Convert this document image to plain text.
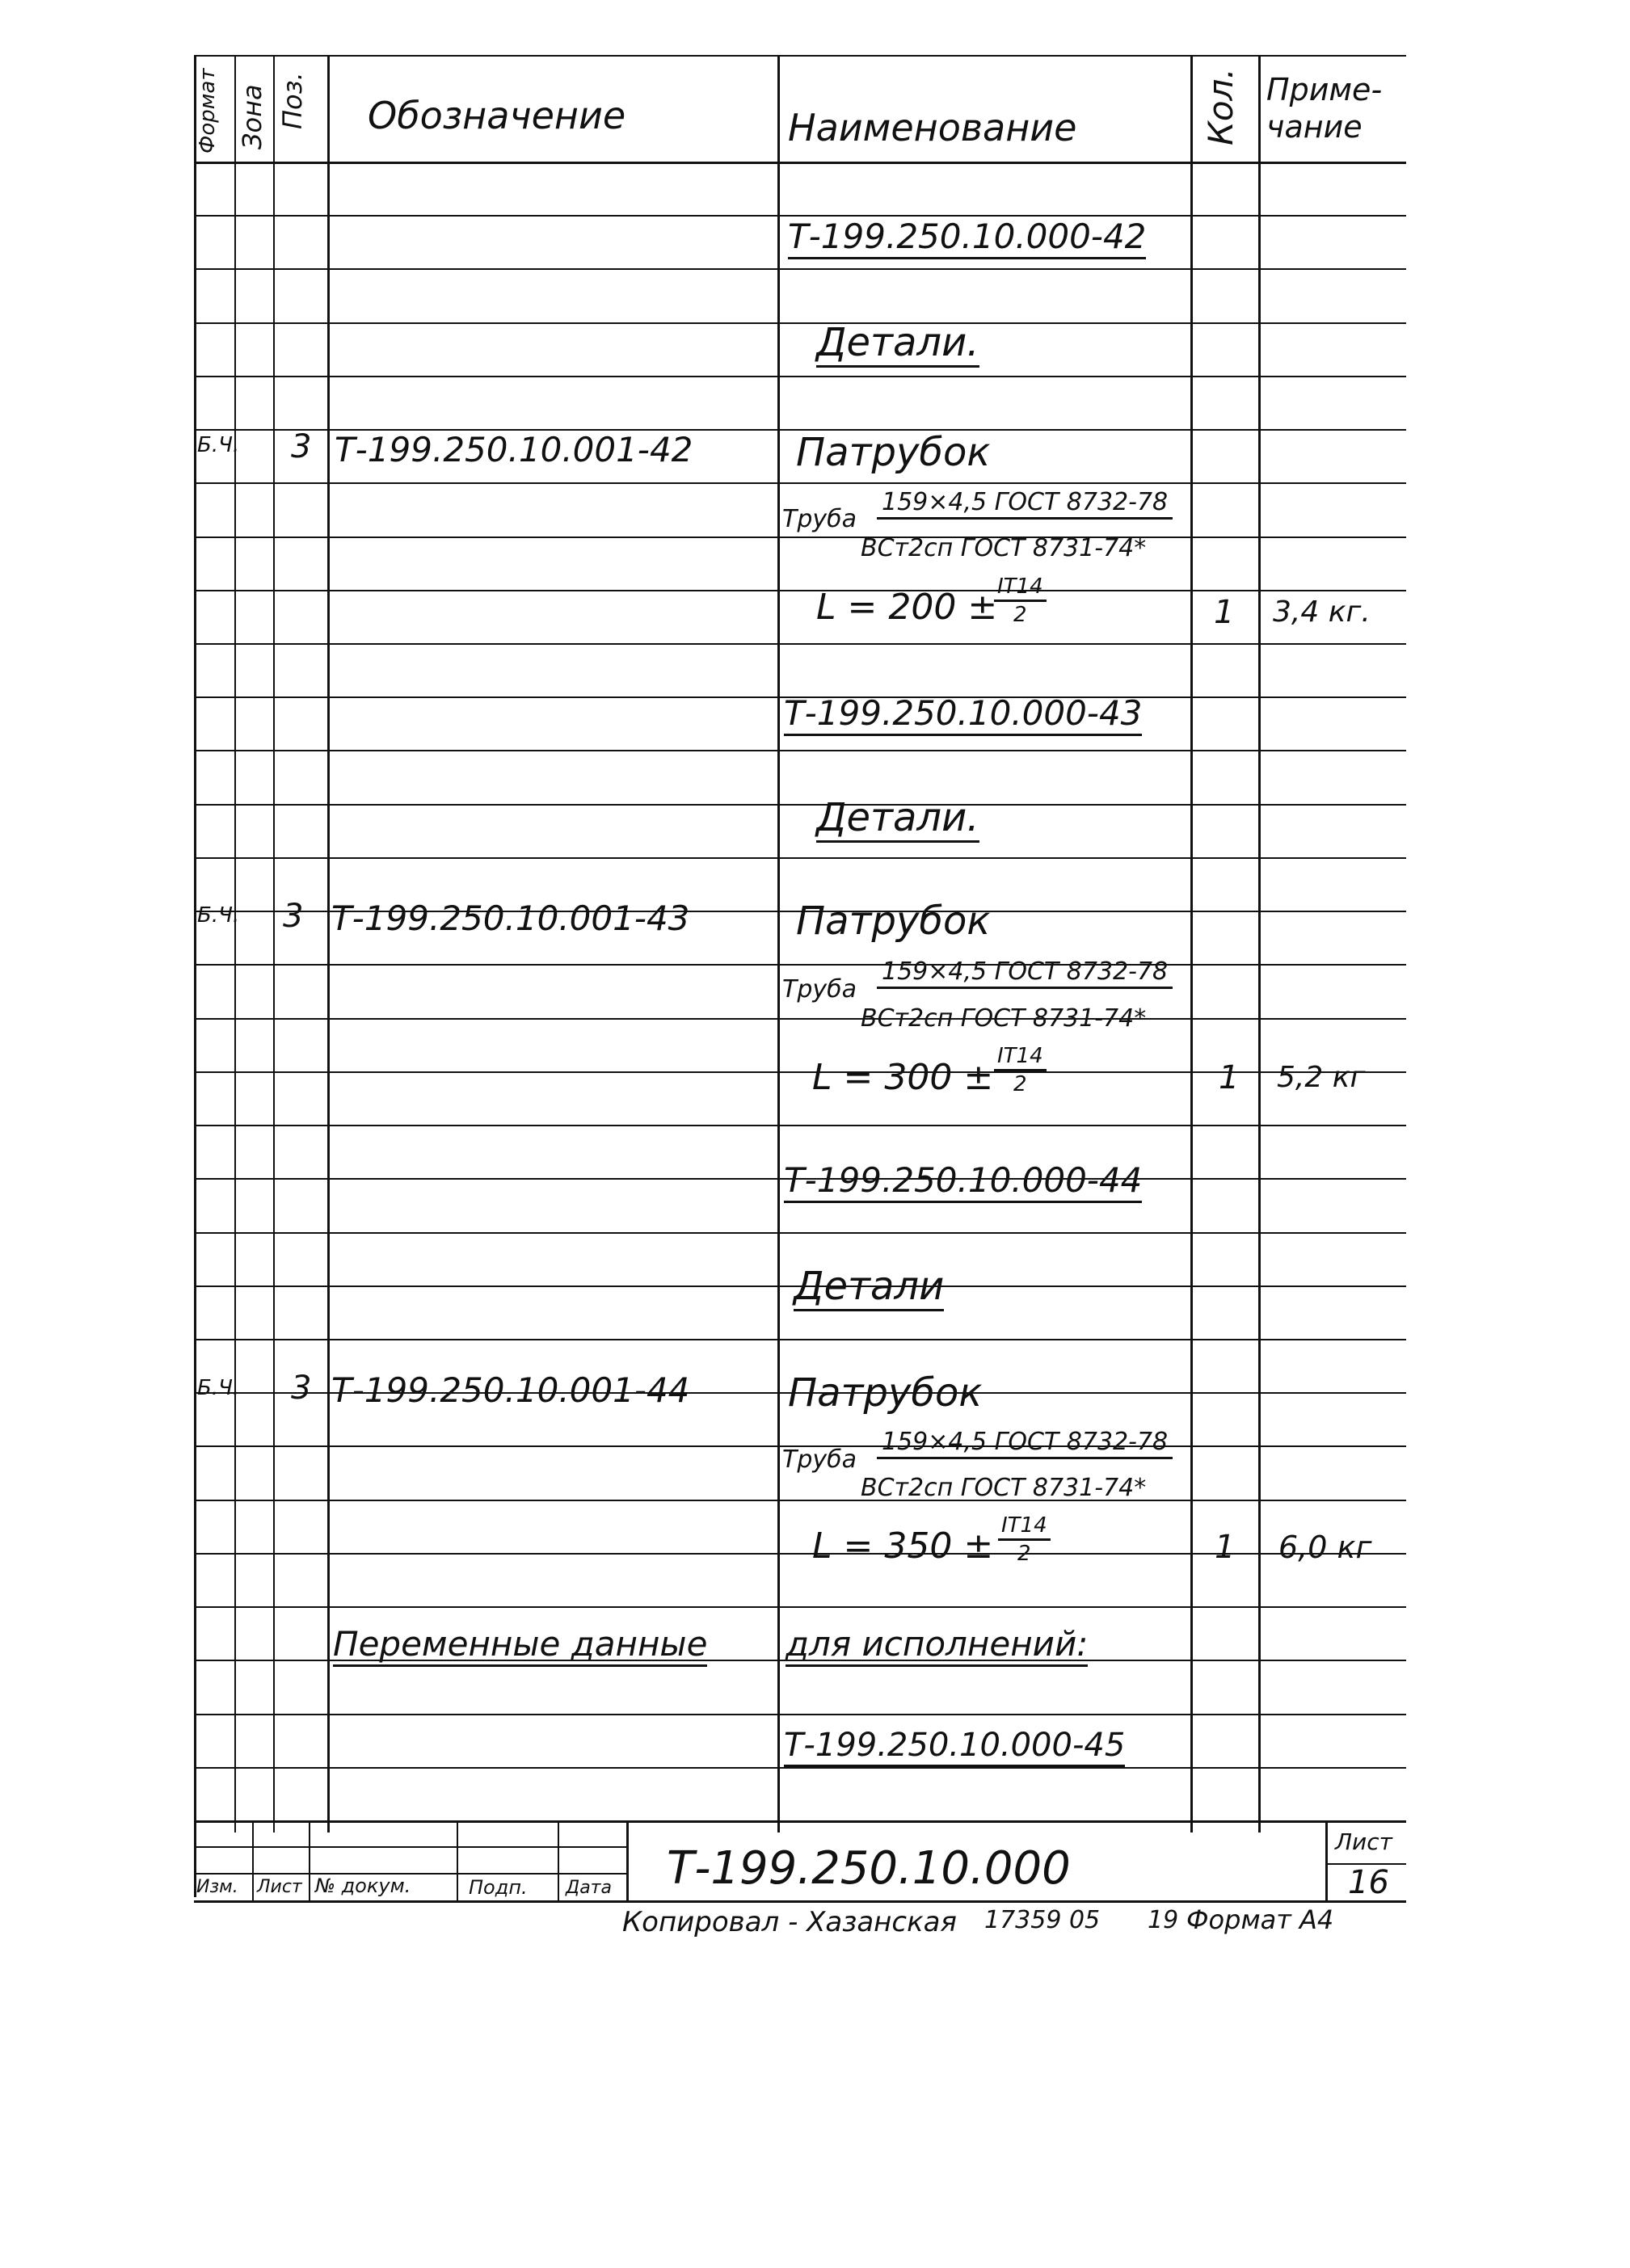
Формат Зона Поз. Обозначение	Наименование	Кол. Приме-
чание
Т-199.250.10.000-42
Детали.
Б.Ч. 3 Т-199.250.10.001-42	Патрубок
Труба
159×4,5 ГОСТ 8732-78
ВСт2сп ГОСТ 8731-74*
L = 200 ±
$\frac{IT14}{2}$	1 3,4 кг.
Т-199.250.10.000-43
Детали.
Б.Ч. 3 Т-199.250.10.001-43	Патрубок
Труба
159×4,5 ГОСТ 8732-78
ВСт2сп ГОСТ 8731-74*
$L = 300 \pm \frac{IT14}{2}$	1 5,2 кг
Т-199.250.10.000-44
Детали
Б.Ч. 3 Т-199.250.10.001-44	Патрубок
Труба
159×4,5 ГОСТ 8732-78
ВСт2сп ГОСТ 8731-74*
$L = 350 \pm \frac{IT14}{2}$	1 6,0 кг
Переменные данные для исполнений:
Т-199.250.10.000-45
Изм. Лист № докум.	Подп. Дата Т-199.250.10.000
Лист
16
Копировал - Хазанская 17359 05 19 Формат А4
